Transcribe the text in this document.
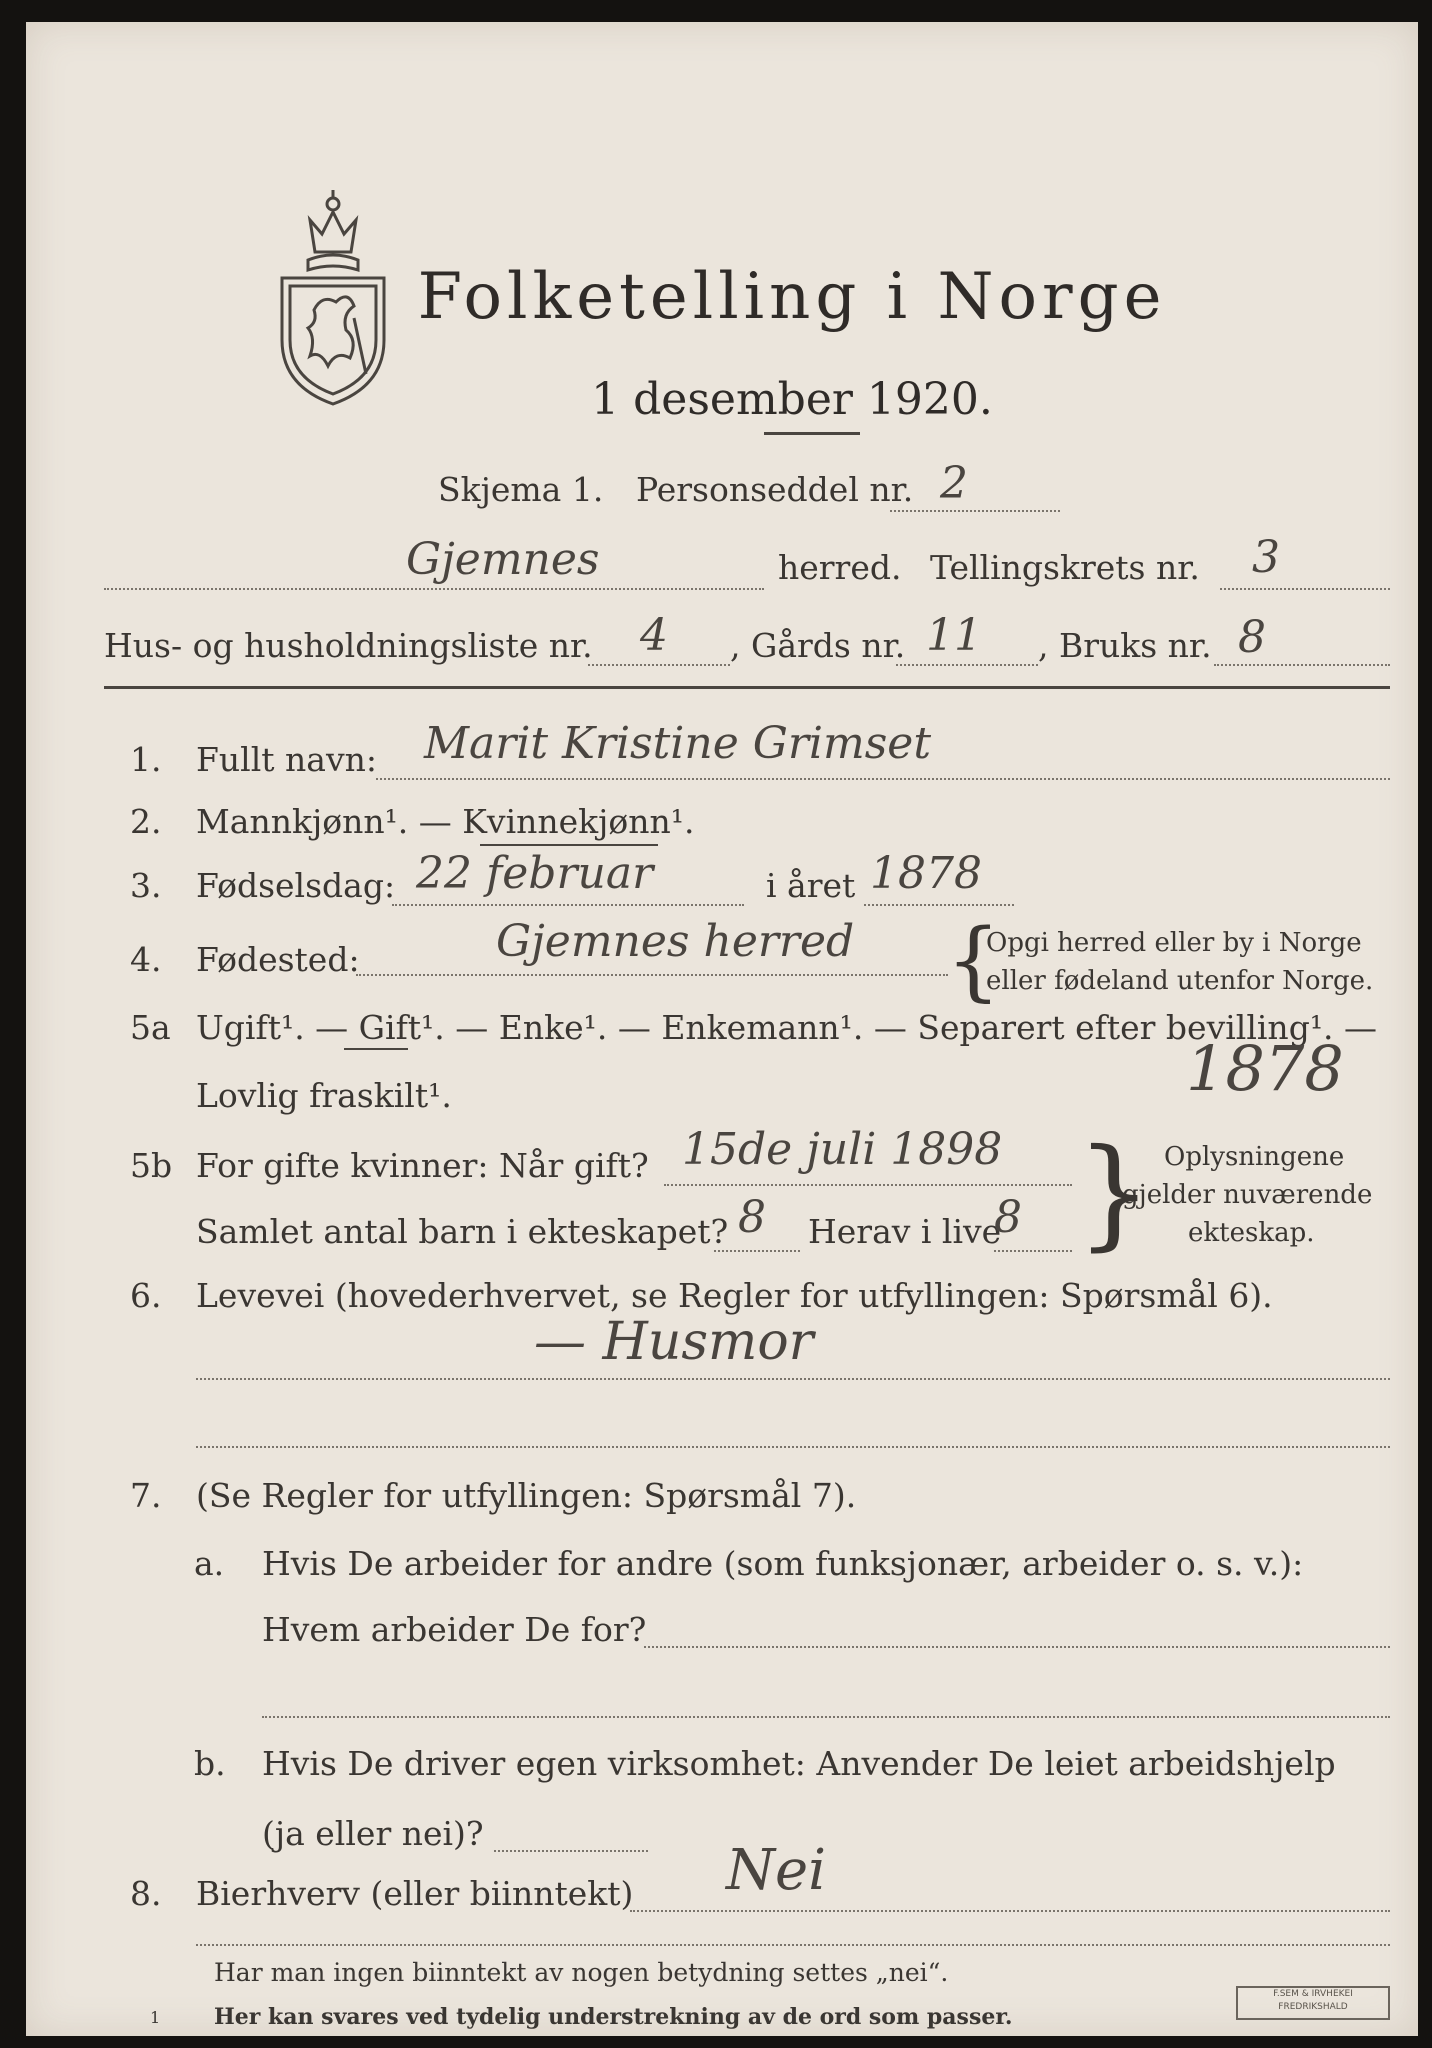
Folketelling i Norge
1 desember 1920.
Skjema 1. Personseddel nr. 2
Gjemnes	herred. Tellingskrets nr. 3
Hus- og husholdningsliste nr. 4 , Gårds nr. 11 , Bruks nr. 8
1. Fullt navn: Marit Kristine Grimset
2. Mannkjønn¹. — Kvinnekjønn¹.
3. Fødselsdag: 22 februar	i året 1878
4. Fødested:	Gjemnes herred {
Opgi herred eller by i Norge
eller fødeland utenfor Norge.
5a Ugift¹. — Gift¹. — Enke¹. — Enkemann¹. — Separert efter bevilling¹. —
Lovlig fraskilt¹.	1878
5b For gifte kvinner: Når gift? 15de juli 1898
Samlet antal barn i ekteskapet? 8 Herav i live
8 } Oplysningene
gjelder nuværende
ekteskap.
6. Levevei (hovederhvervet, se Regler for utfyllingen: Spørsmål 6).
— Husmor
7. (Se Regler for utfyllingen: Spørsmål 7).
a. Hvis De arbeider for andre (som funksjonær, arbeider o. s. v.):
Hvem arbeider De for?
b. Hvis De driver egen virksomhet: Anvender De leiet arbeidshjelp
(ja eller nei)?
8. Bierhverv (eller biinntekt) Nei
Har man ingen biinntekt av nogen betydning settes „nei“.
1 Her kan svares ved tydelig understrekning av de ord som passer.
F.SEM & IRVHEKEI
FREDRIKSHALD
